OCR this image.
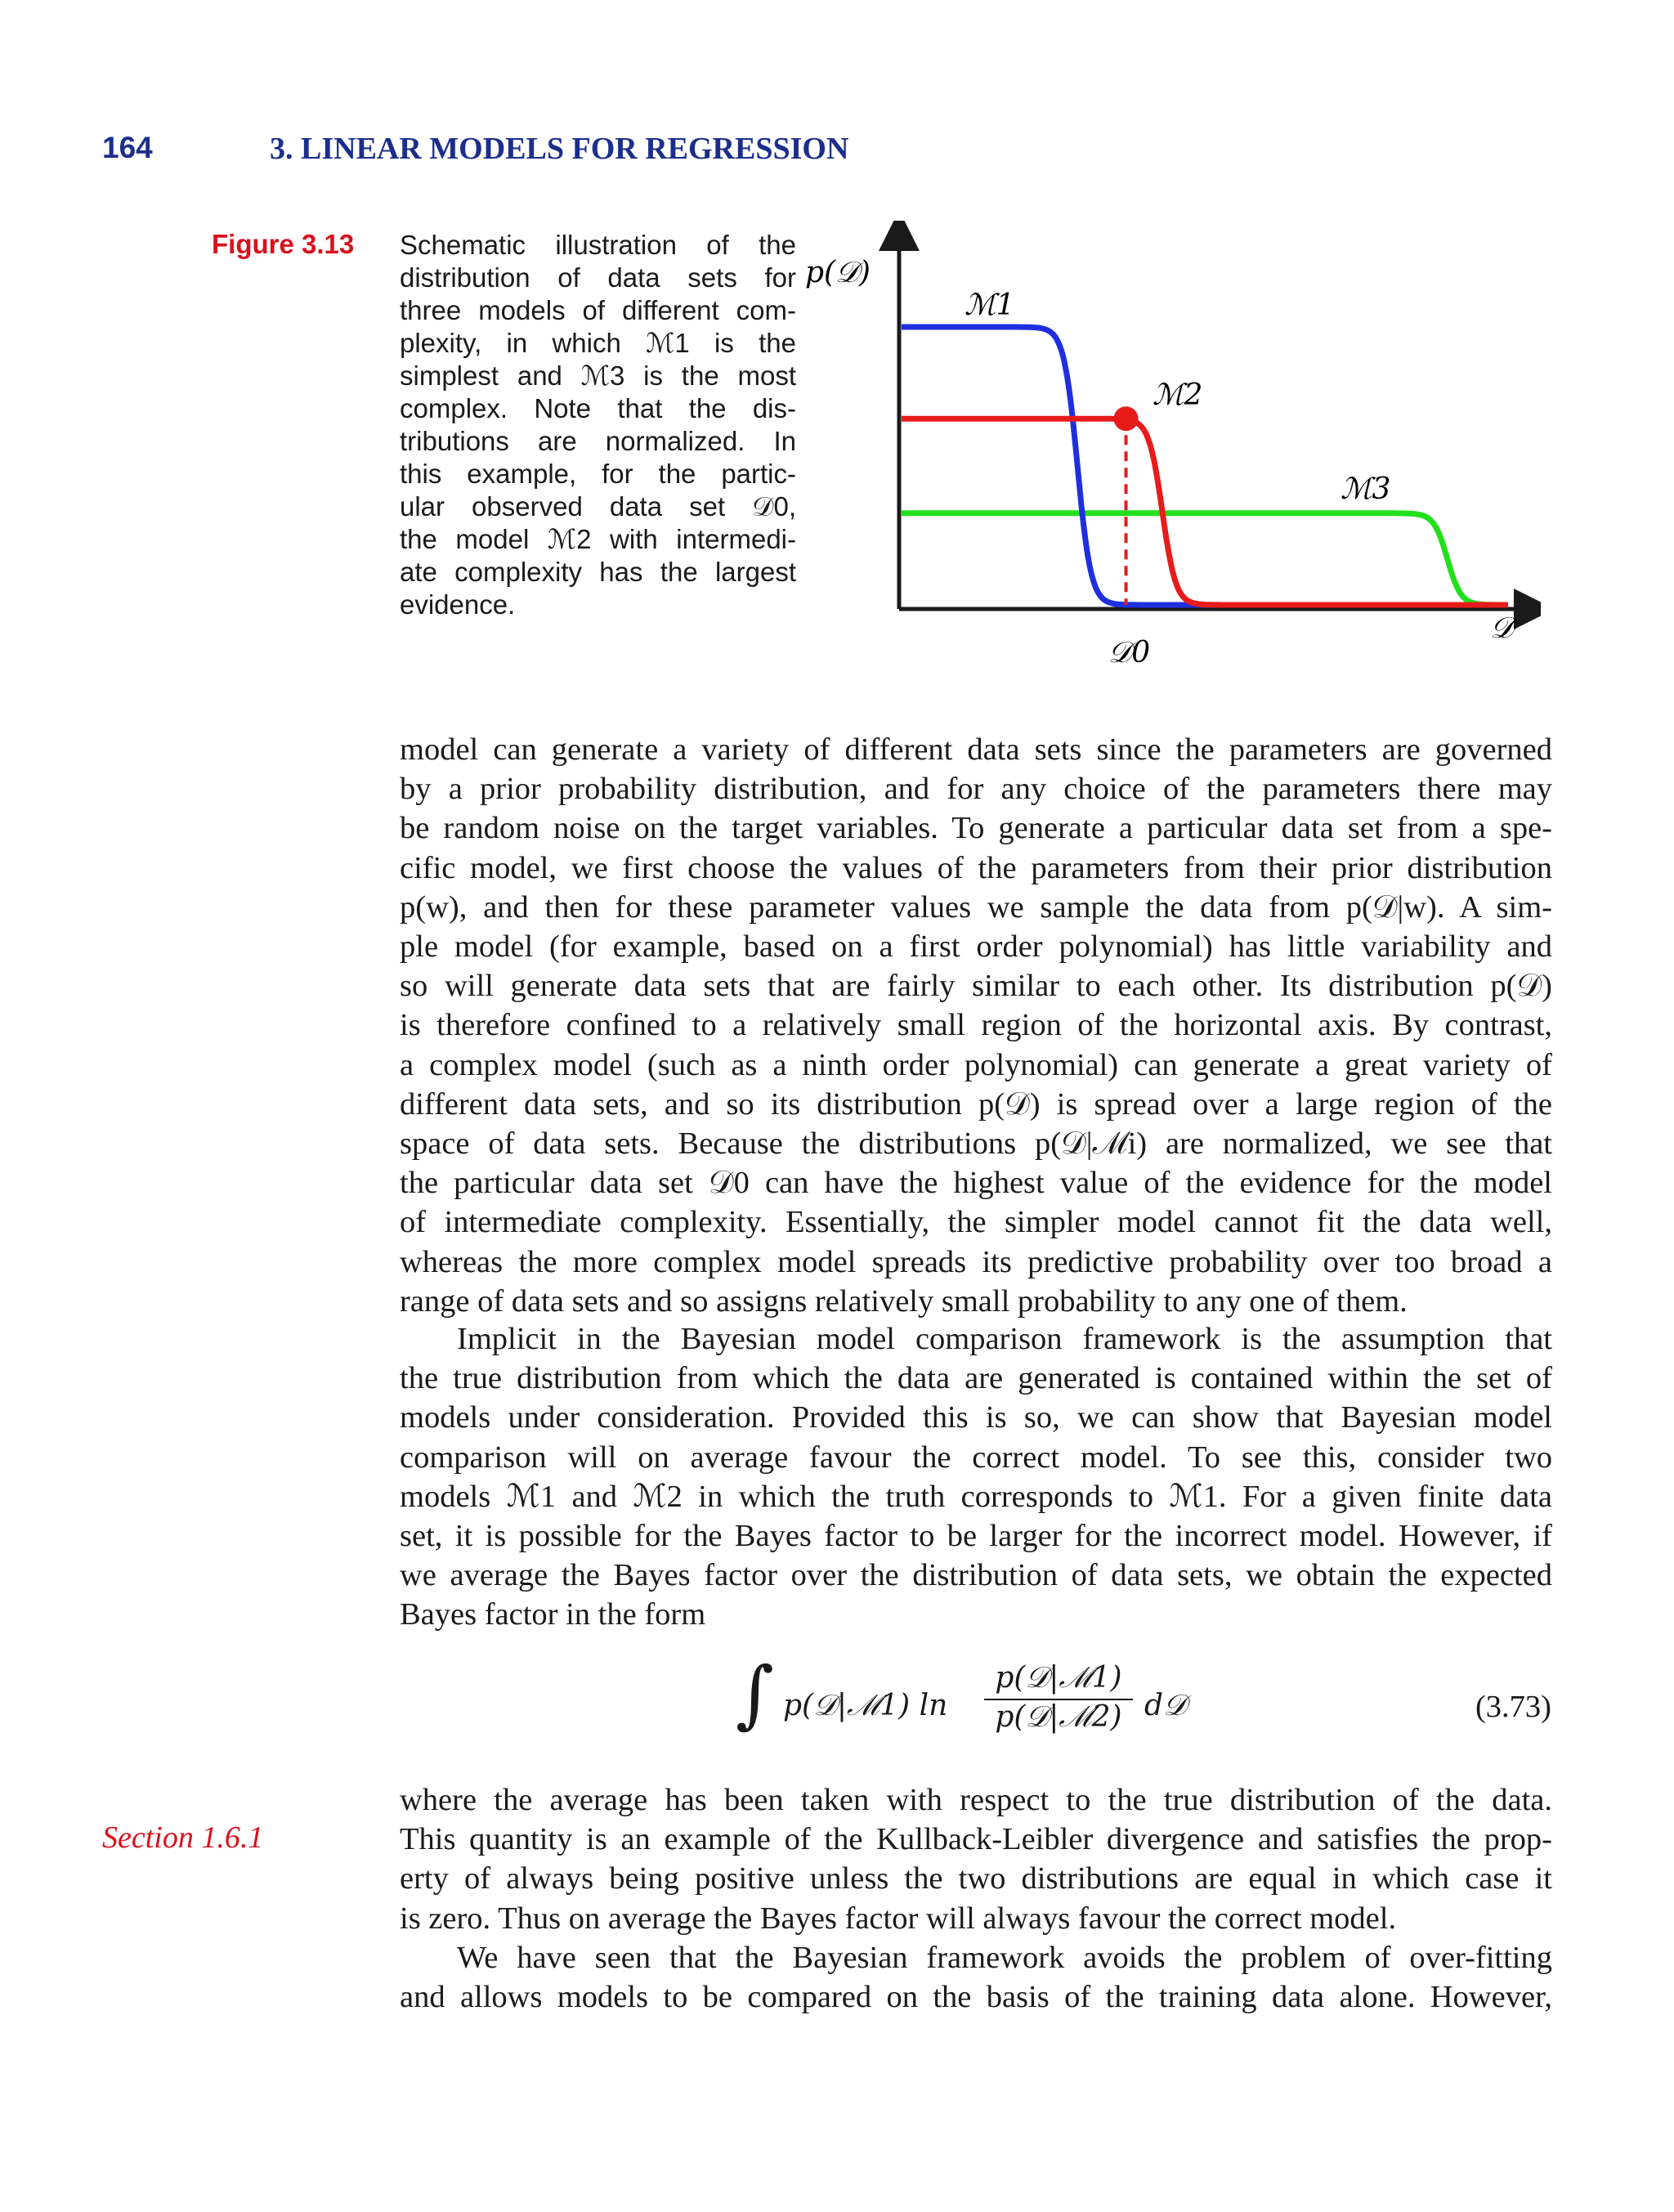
164	3. LINEAR MODELS FOR REGRESSION
Figure 3.13 Schematic illustration of the
distribution of data sets for
three models of different com-
plexity, in which ℳ1 is the
simplest and ℳ3 is the most
complex. Note that the dis-
tributions are normalized. In
this example, for the partic-
ular observed data set 𝒟0,
the model ℳ2 with intermedi-
ate complexity has the largest
evidence.
p(𝒟)
𝒟
ℳ1
ℳ2
ℳ3
𝒟0
model can generate a variety of different data sets since the parameters are governed
by a prior probability distribution, and for any choice of the parameters there may
be random noise on the target variables. To generate a particular data set from a spe-
cific model, we first choose the values of the parameters from their prior distribution
p(w), and then for these parameter values we sample the data from p(𝒟|w). A sim-
ple model (for example, based on a first order polynomial) has little variability and
so will generate data sets that are fairly similar to each other. Its distribution p(𝒟)
is therefore confined to a relatively small region of the horizontal axis. By contrast,
a complex model (such as a ninth order polynomial) can generate a great variety of
different data sets, and so its distribution p(𝒟) is spread over a large region of the
space of data sets. Because the distributions p(𝒟|ℳi) are normalized, we see that
the particular data set 𝒟0 can have the highest value of the evidence for the model
of intermediate complexity. Essentially, the simpler model cannot fit the data well,
whereas the more complex model spreads its predictive probability over too broad a
range of data sets and so assigns relatively small probability to any one of them.
Implicit in the Bayesian model comparison framework is the assumption that
the true distribution from which the data are generated is contained within the set of
models under consideration. Provided this is so, we can show that Bayesian model
comparison will on average favour the correct model. To see this, consider two
models ℳ1 and ℳ2 in which the truth corresponds to ℳ1. For a given finite data
set, it is possible for the Bayes factor to be larger for the incorrect model. However, if
we average the Bayes factor over the distribution of data sets, we obtain the expected
Bayes factor in the form
∫ p(𝒟|ℳ1) ln
p(𝒟|ℳ1)
p(𝒟|ℳ2) d𝒟	(3.73)
Section 1.6.1
where the average has been taken with respect to the true distribution of the data.
This quantity is an example of the Kullback-Leibler divergence and satisfies the prop-
erty of always being positive unless the two distributions are equal in which case it
is zero. Thus on average the Bayes factor will always favour the correct model.
We have seen that the Bayesian framework avoids the problem of over-fitting
and allows models to be compared on the basis of the training data alone. However,
